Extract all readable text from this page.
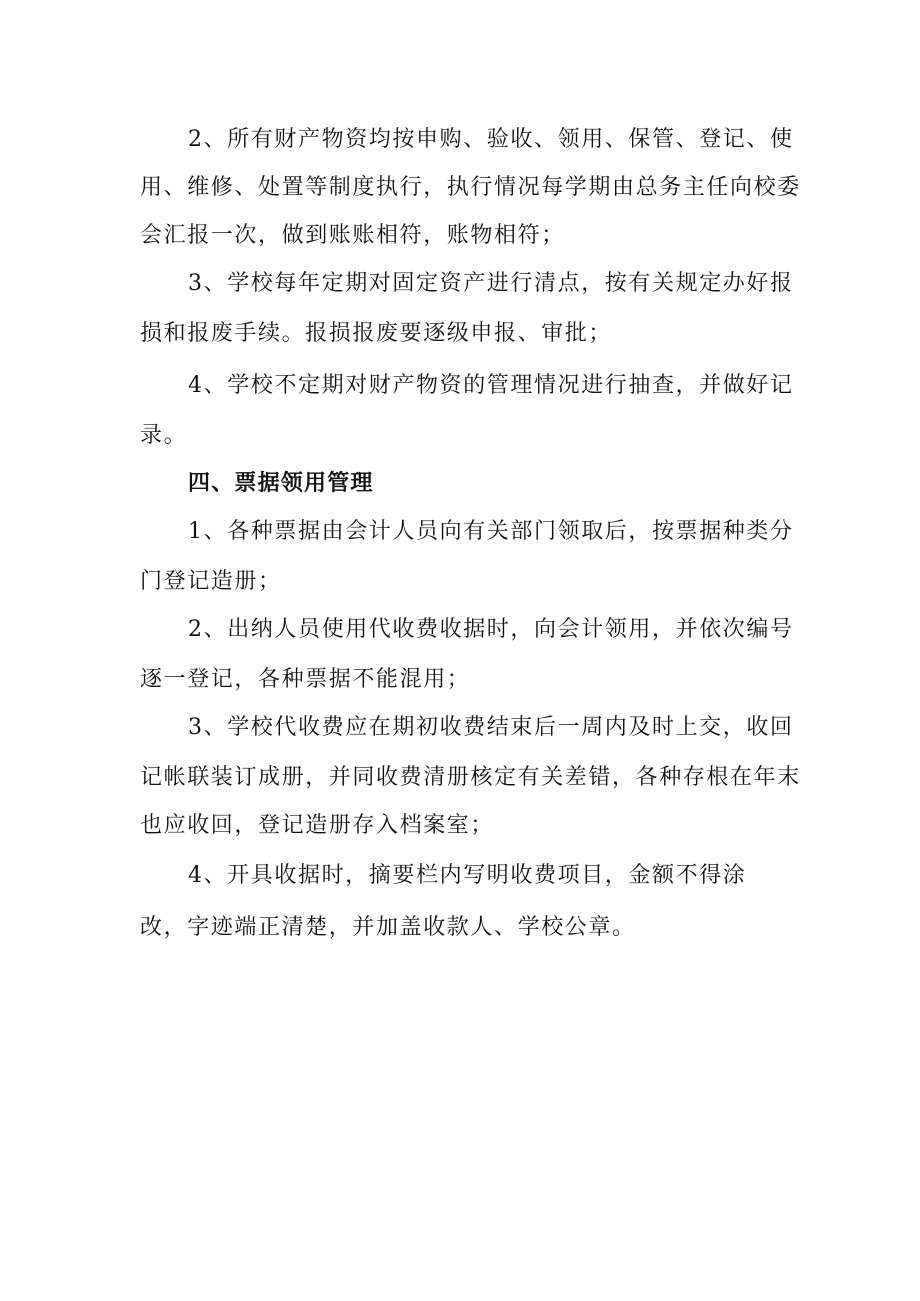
2、所有财产物资均按申购、验收、领用、保管、登记、使
用、维修、处置等制度执行，执行情况每学期由总务主任向校委
会汇报一次，做到账账相符，账物相符；
3、学校每年定期对固定资产进行清点，按有关规定办好报
损和报废手续。报损报废要逐级申报、审批；
4、学校不定期对财产物资的管理情况进行抽查，并做好记
录。
四、票据领用管理
1、各种票据由会计人员向有关部门领取后，按票据种类分
门登记造册；
2、出纳人员使用代收费收据时，向会计领用，并依次编号
逐一登记，各种票据不能混用；
3、学校代收费应在期初收费结束后一周内及时上交，收回
记帐联装订成册，并同收费清册核定有关差错，各种存根在年末
也应收回，登记造册存入档案室；
4、开具收据时，摘要栏内写明收费项目，金额不得涂
改，字迹端正清楚，并加盖收款人、学校公章。
